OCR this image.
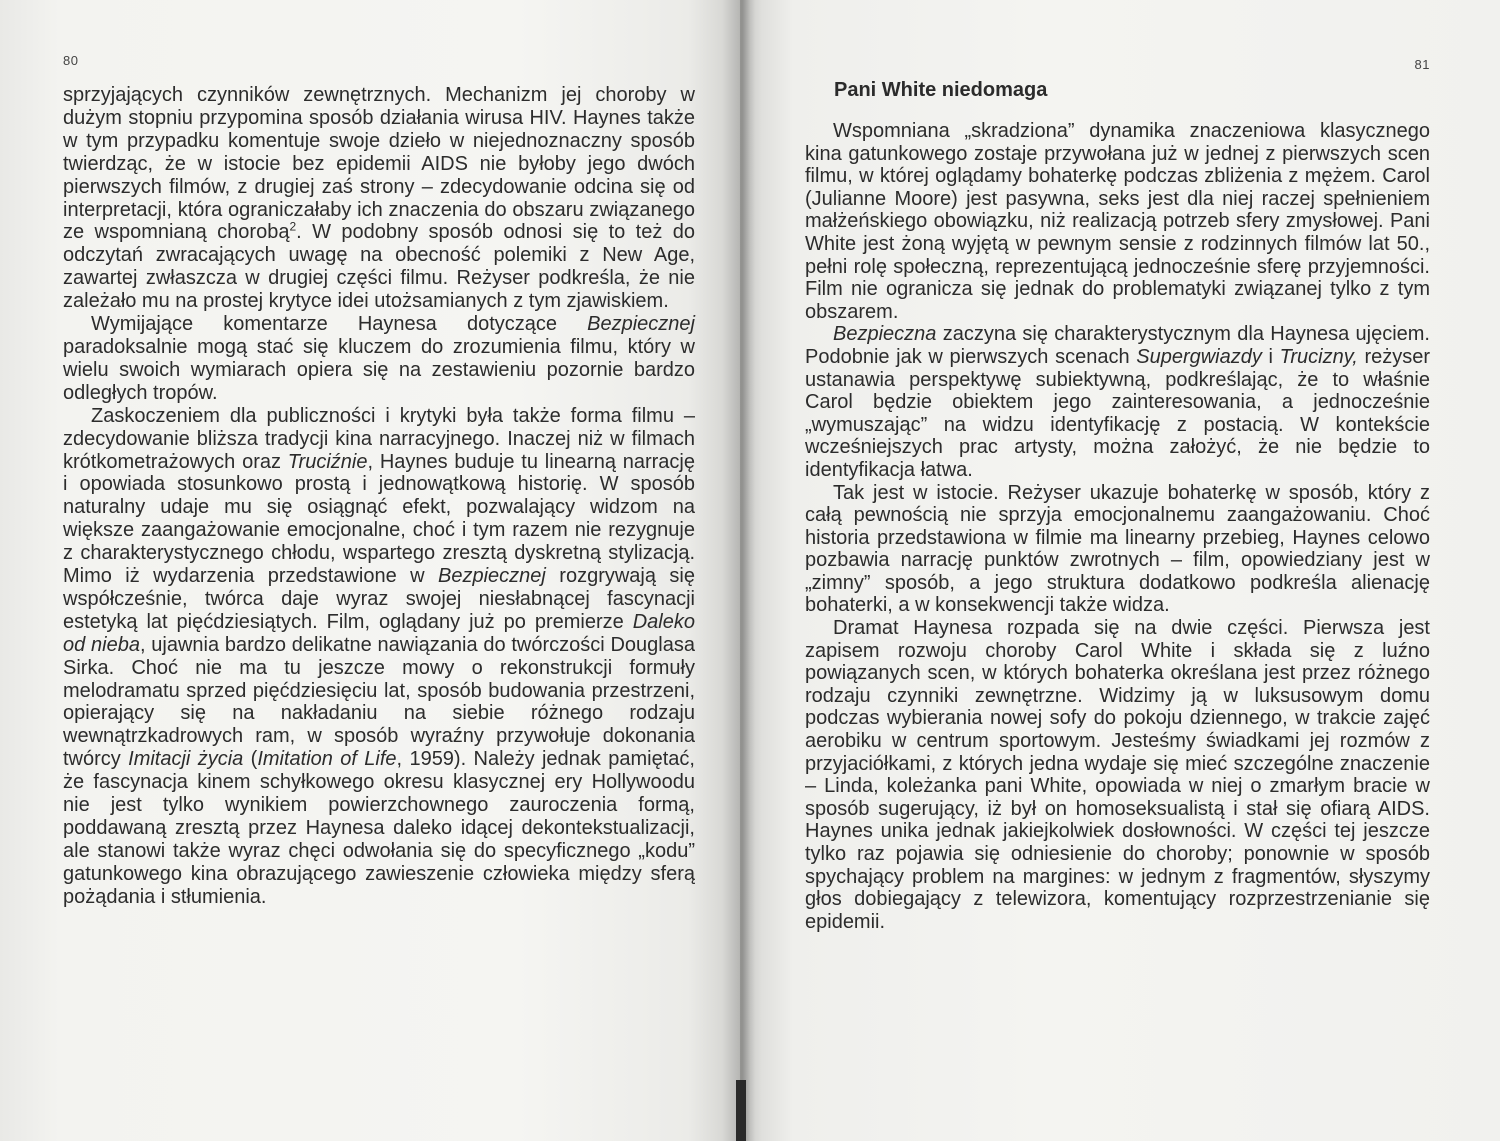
80

sprzyjających czynników zewnętrznych. Mechanizm jej choroby w dużym stopniu przypomina sposób działania wirusa HIV. Haynes także w tym przypadku komentuje swoje dzieło w niejednoznaczny sposób twierdząc, że w istocie bez epidemii AIDS nie byłoby jego dwóch pierwszych filmów, z drugiej zaś strony – zdecydowanie odcina się od interpretacji, która ograniczałaby ich znaczenia do obszaru związanego ze wspomnianą chorobą$^2$. W podobny sposób odnosi się to też do odczytań zwracających uwagę na obecność polemiki z New Age, zawartej zwłaszcza w drugiej części filmu. Reżyser podkreśla, że nie zależało mu na prostej krytyce idei utożsamianych z tym zjawiskiem.

Wymijające komentarze Haynesa dotyczące Bezpiecznej paradoksalnie mogą stać się kluczem do zrozumienia filmu, który w wielu swoich wymiarach opiera się na zestawieniu pozornie bardzo odległych tropów.

Zaskoczeniem dla publiczności i krytyki była także forma filmu – zdecydowanie bliższa tradycji kina narracyjnego. Inaczej niż w filmach krótkometrażowych oraz Truciźnie, Haynes buduje tu linearną narrację i opowiada stosunkowo prostą i jednowątkową historię. W sposób naturalny udaje mu się osiągnąć efekt, pozwalający widzom na większe zaangażowanie emocjonalne, choć i tym razem nie rezygnuje z charakterystycznego chłodu, wspartego zresztą dyskretną stylizacją. Mimo iż wydarzenia przedstawione w Bezpiecznej rozgrywają się współcześnie, twórca daje wyraz swojej niesłabnącej fascynacji estetyką lat pięćdziesiątych. Film, oglądany już po premierze Daleko od nieba, ujawnia bardzo delikatne nawiązania do twórczości Douglasa Sirka. Choć nie ma tu jeszcze mowy o rekonstrukcji formuły melodramatu sprzed pięćdziesięciu lat, sposób budowania przestrzeni, opierający się na nakładaniu na siebie różnego rodzaju wewnątrzkadrowych ram, w sposób wyraźny przywołuje dokonania twórcy Imitacji życia (Imitation of Life, 1959). Należy jednak pamiętać, że fascynacja kinem schyłkowego okresu klasycznej ery Hollywoodu nie jest tylko wynikiem powierzchownego zauroczenia formą, poddawaną zresztą przez Haynesa daleko idącej dekontekstualizacji, ale stanowi także wyraz chęci odwołania się do specyficznego „kodu” gatunkowego kina obrazującego zawieszenie człowieka między sferą pożądania i stłumienia.

81
Pani White niedomaga

Wspomniana „skradziona” dynamika znaczeniowa klasycznego kina gatunkowego zostaje przywołana już w jednej z pierwszych scen filmu, w której oglądamy bohaterkę podczas zbliżenia z mężem. Carol (Julianne Moore) jest pasywna, seks jest dla niej raczej spełnieniem małżeńskiego obowiązku, niż realizacją potrzeb sfery zmysłowej. Pani White jest żoną wyjętą w pewnym sensie z rodzinnych filmów lat 50., pełni rolę społeczną, reprezentującą jednocześnie sferę przyjemności. Film nie ogranicza się jednak do problematyki związanej tylko z tym obszarem.

Bezpieczna zaczyna się charakterystycznym dla Haynesa ujęciem. Podobnie jak w pierwszych scenach Supergwiazdy i Trucizny, reżyser ustanawia perspektywę subiektywną, podkreślając, że to właśnie Carol będzie obiektem jego zainteresowania, a jednocześnie „wymuszając” na widzu identyfikację z postacią. W kontekście wcześniejszych prac artysty, można założyć, że nie będzie to identyfikacja łatwa.

Tak jest w istocie. Reżyser ukazuje bohaterkę w sposób, który z całą pewnością nie sprzyja emocjonalnemu zaangażowaniu. Choć historia przedstawiona w filmie ma linearny przebieg, Haynes celowo pozbawia narrację punktów zwrotnych – film, opowiedziany jest w „zimny” sposób, a jego struktura dodatkowo podkreśla alienację bohaterki, a w konsekwencji także widza.

Dramat Haynesa rozpada się na dwie części. Pierwsza jest zapisem rozwoju choroby Carol White i składa się z luźno powiązanych scen, w których bohaterka określana jest przez różnego rodzaju czynniki zewnętrzne. Widzimy ją w luksusowym domu podczas wybierania nowej sofy do pokoju dziennego, w trakcie zajęć aerobiku w centrum sportowym. Jesteśmy świadkami jej rozmów z przyjaciółkami, z których jedna wydaje się mieć szczególne znaczenie – Linda, koleżanka pani White, opowiada w niej o zmarłym bracie w sposób sugerujący, iż był on homoseksualistą i stał się ofiarą AIDS. Haynes unika jednak jakiejkolwiek dosłowności. W części tej jeszcze tylko raz pojawia się odniesienie do choroby; ponownie w sposób spychający problem na margines: w jednym z fragmentów, słyszymy głos dobiegający z telewizora, komentujący rozprzestrzenianie się epidemii.
